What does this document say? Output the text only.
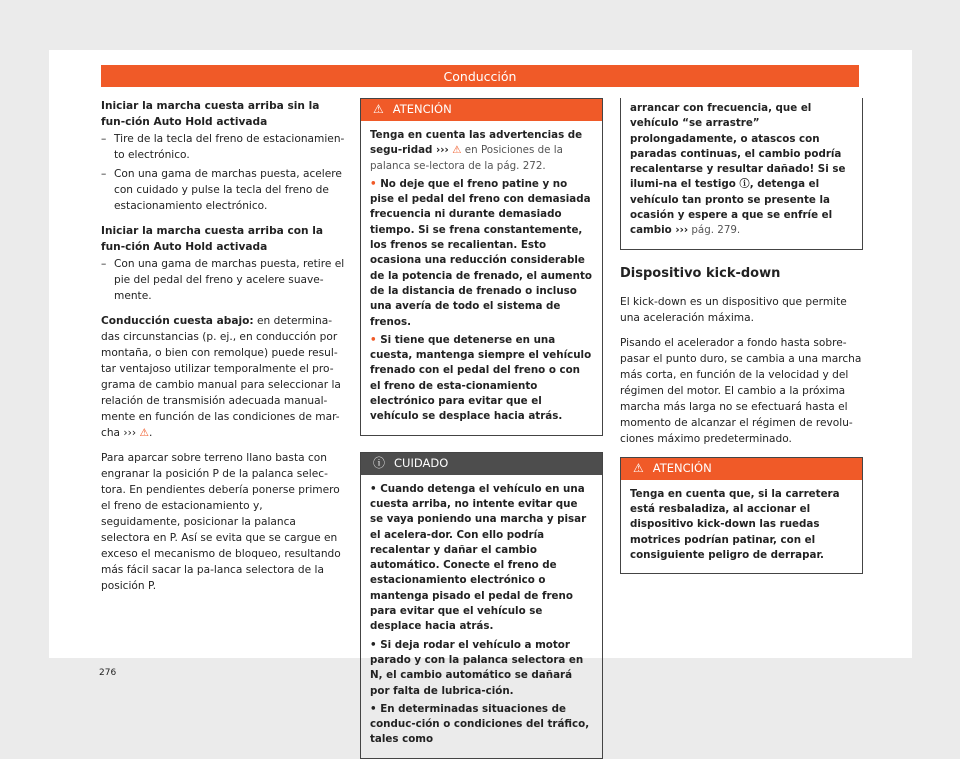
Conducción

Iniciar la marcha cuesta arriba sin la fun-ción Auto Hold activada

– Tire de la tecla del freno de estacionamien-to electrónico.
– Con una gama de marchas puesta, acelere con cuidado y pulse la tecla del freno de estacionamiento electrónico.

Iniciar la marcha cuesta arriba con la fun-ción Auto Hold activada

– Con una gama de marchas puesta, retire el pie del pedal del freno y acelere suave-mente.

Conducción cuesta abajo: en determina-das circunstancias (p. ej., en conducción por montaña, o bien con remolque) puede resul-tar ventajoso utilizar temporalmente el pro-grama de cambio manual para seleccionar la relación de transmisión adecuada manual-mente en función de las condiciones de mar-cha ››› ⚠.

Para aparcar sobre terreno llano basta con engranar la posición P de la palanca selec-tora. En pendientes debería ponerse primero el freno de estacionamiento y, seguidamente, posicionar la palanca selectora en P. Así se evita que se cargue en exceso el mecanismo de bloqueo, resultando más fácil sacar la pa-lanca selectora de la posición P.

⚠ ATENCIÓN

Tenga en cuenta las advertencias de segu-ridad ››› ⚠ en Posiciones de la palanca se-lectora de la pág. 272.

• No deje que el freno patine y no pise el pedal del freno con demasiada frecuencia ni durante demasiado tiempo. Si se frena constantemente, los frenos se recalientan. Esto ocasiona una reducción considerable de la potencia de frenado, el aumento de la distancia de frenado o incluso una avería de todo el sistema de frenos.

• Si tiene que detenerse en una cuesta, mantenga siempre el vehículo frenado con el pedal del freno o con el freno de esta-cionamiento electrónico para evitar que el vehículo se desplace hacia atrás.

ⓘ CUIDADO

• Cuando detenga el vehículo en una cuesta arriba, no intente evitar que se vaya poniendo una marcha y pisar el acelera-dor. Con ello podría recalentar y dañar el cambio automático. Conecte el freno de estacionamiento electrónico o mantenga pisado el pedal de freno para evitar que el vehículo se desplace hacia atrás.

• Si deja rodar el vehículo a motor parado y con la palanca selectora en N, el cambio automático se dañará por falta de lubrica-ción.

• En determinadas situaciones de conduc-ción o condiciones del tráfico, tales como

arrancar con frecuencia, que el vehículo “se arrastre” prolongadamente, o atascos con paradas continuas, el cambio podría recalentarse y resultar dañado! Si se ilumi-na el testigo ⓘ, detenga el vehículo tan pronto se presente la ocasión y espere a que se enfríe el cambio ››› pág. 279.

Dispositivo kick-down

El kick-down es un dispositivo que permite una aceleración máxima.

Pisando el acelerador a fondo hasta sobre-pasar el punto duro, se cambia a una marcha más corta, en función de la velocidad y del régimen del motor. El cambio a la próxima marcha más larga no se efectuará hasta el momento de alcanzar el régimen de revolu-ciones máximo predeterminado.

⚠ ATENCIÓN

Tenga en cuenta que, si la carretera está resbaladiza, al accionar el dispositivo kick-down las ruedas motrices podrían patinar, con el consiguiente peligro de derrapar.

276
